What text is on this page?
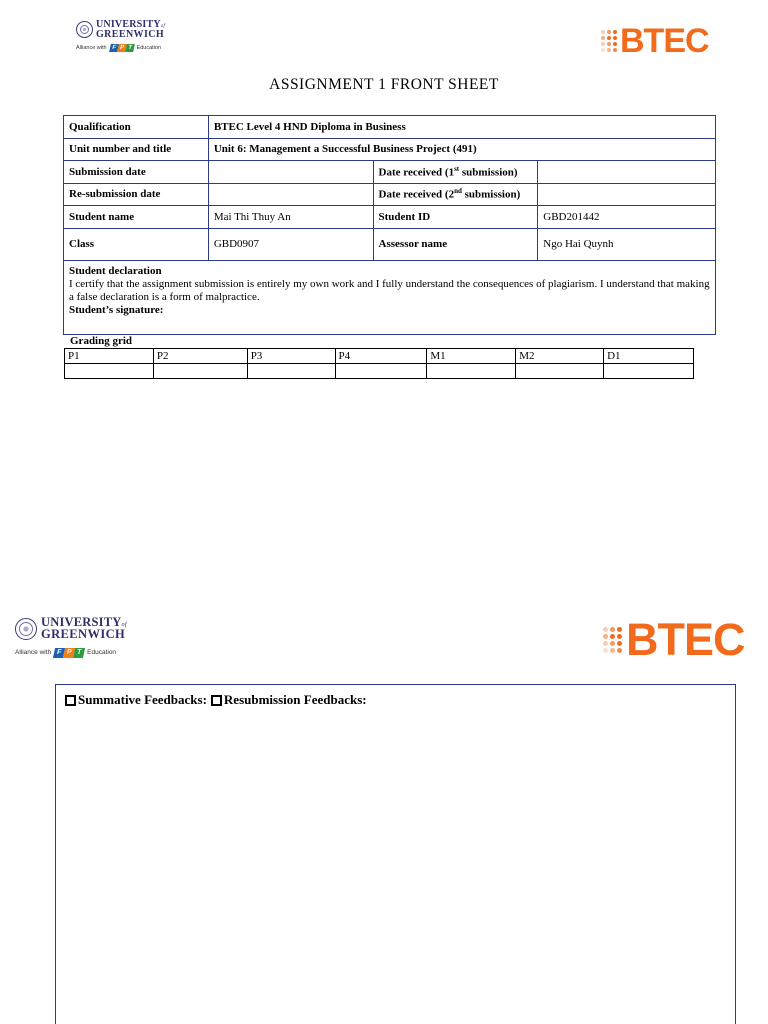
UNIVERSITYof
GREENWICH
Alliance with F P T Education	BTEC
ASSIGNMENT 1 FRONT SHEET
Qualification	BTEC Level 4 HND Diploma in Business		
Unit number and title	Unit 6: Management a Successful Business Project (491)		
Submission date		Date received (1st submission)	
Re-submission date		Date received (2nd submission)	
Student name	Mai Thi Thuy An	Student ID	GBD201442
Class	GBD0907	Assessor name	Ngo Hai Quynh

Student declaration
I certify that the assignment submission is entirely my own work and I fully understand the consequences of plagiarism. I understand that making a false declaration is a form of malpractice.
Student’s signature:			
Grading grid
P1	P2	P3	P4	M1	M2	D1

UNIVERSITYof
GREENWICH
Alliance with F P T Education	BTEC
Summative Feedbacks: Resubmission Feedbacks:
